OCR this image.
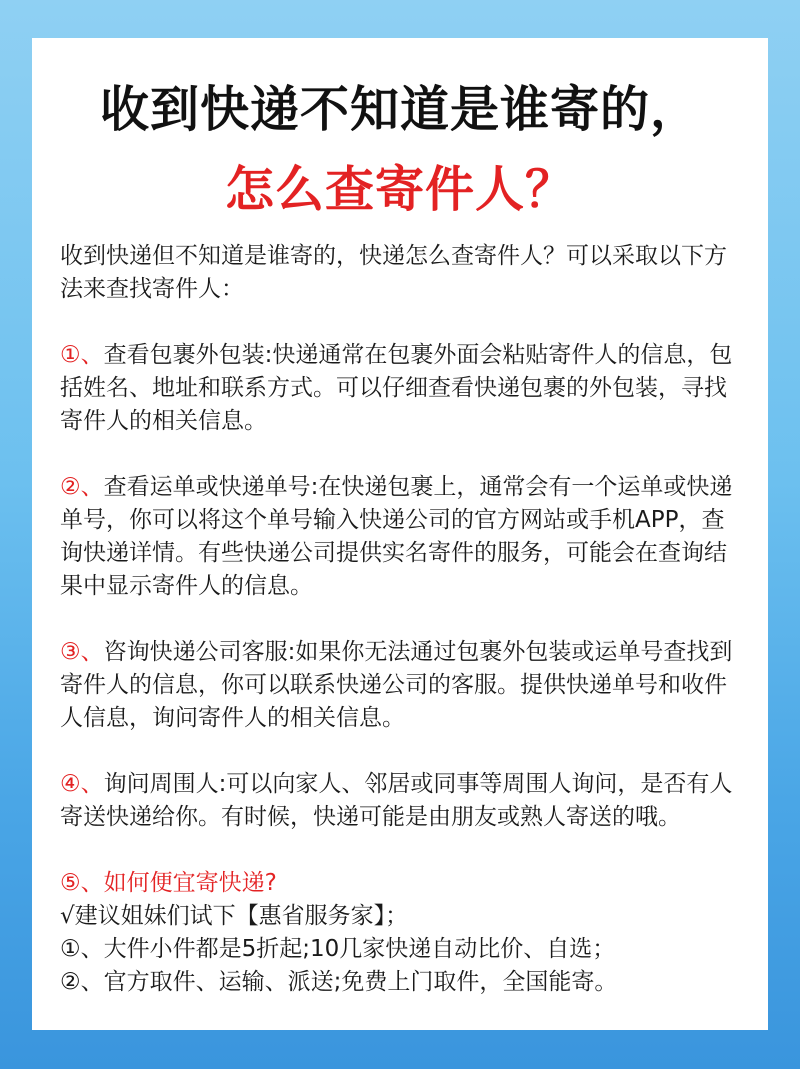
收到快递不知道是谁寄的，
怎么查寄件人？

收到快递但不知道是谁寄的，快递怎么查寄件人？可以采取以下方法来查找寄件人：

①、查看包裹外包装:快递通常在包裹外面会粘贴寄件人的信息，包括姓名、地址和联系方式。可以仔细查看快递包裹的外包装，寻找寄件人的相关信息。

②、查看运单或快递单号:在快递包裹上，通常会有一个运单或快递单号，你可以将这个单号输入快递公司的官方网站或手机APP，查询快递详情。有些快递公司提供实名寄件的服务，可能会在查询结果中显示寄件人的信息。

③、咨询快递公司客服:如果你无法通过包裹外包装或运单号查找到寄件人的信息，你可以联系快递公司的客服。提供快递单号和收件人信息，询问寄件人的相关信息。

④、询问周围人:可以向家人、邻居或同事等周围人询问，是否有人寄送快递给你。有时候，快递可能是由朋友或熟人寄送的哦。

⑤、如何便宜寄快递?
√建议姐妹们试下【惠省服务家】；
①、大件小件都是5折起;10几家快递自动比价、自选；
②、官方取件、运输、派送;免费上门取件，全国能寄。
